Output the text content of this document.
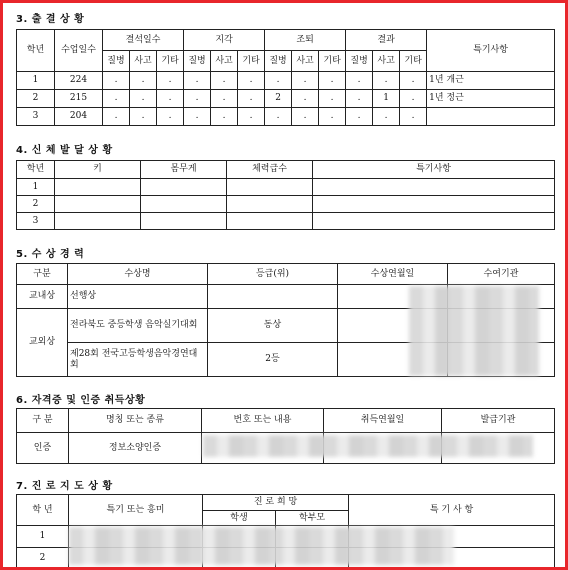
3. 출 결 상 황
학년	수업일수	결석일수			지각			조퇴			결과			특기사항
		질병	사고	기타	질병	사고	기타	질병	사고	기타	질병	사고	기타	
1	224	.	.	.	.	.	.	.	.	.	.	.	.	1년 개근
2	215	.	.	.	.	.	.	2	.	.	.	1	.	1년 정근
3	204	.	.	.	.	.	.	.	.	.	.	.	.	
4. 신 체 발 달 상 황
학년	키	몸무게	체력급수	특기사항
1				
2				
3				
5. 수 상 경 력
구분	수상명	등급(위)	수상연월일	수여기관
교내상	선행상			
교외상	전라북도 중등학생 음악실기대회	동상		
	제28회 전국고등학생음악경연대회	2등		
6. 자격증 및 인증 취득상황
구 분	명칭 또는 종류	번호 또는 내용	취득연월일	발급기관
인증	정보소양인증			
7. 진 로 지 도 상 황
학 년	특기 또는 흥미	진 로 희 망		특 기 사 항
		학생	학부모	
1				
2				
